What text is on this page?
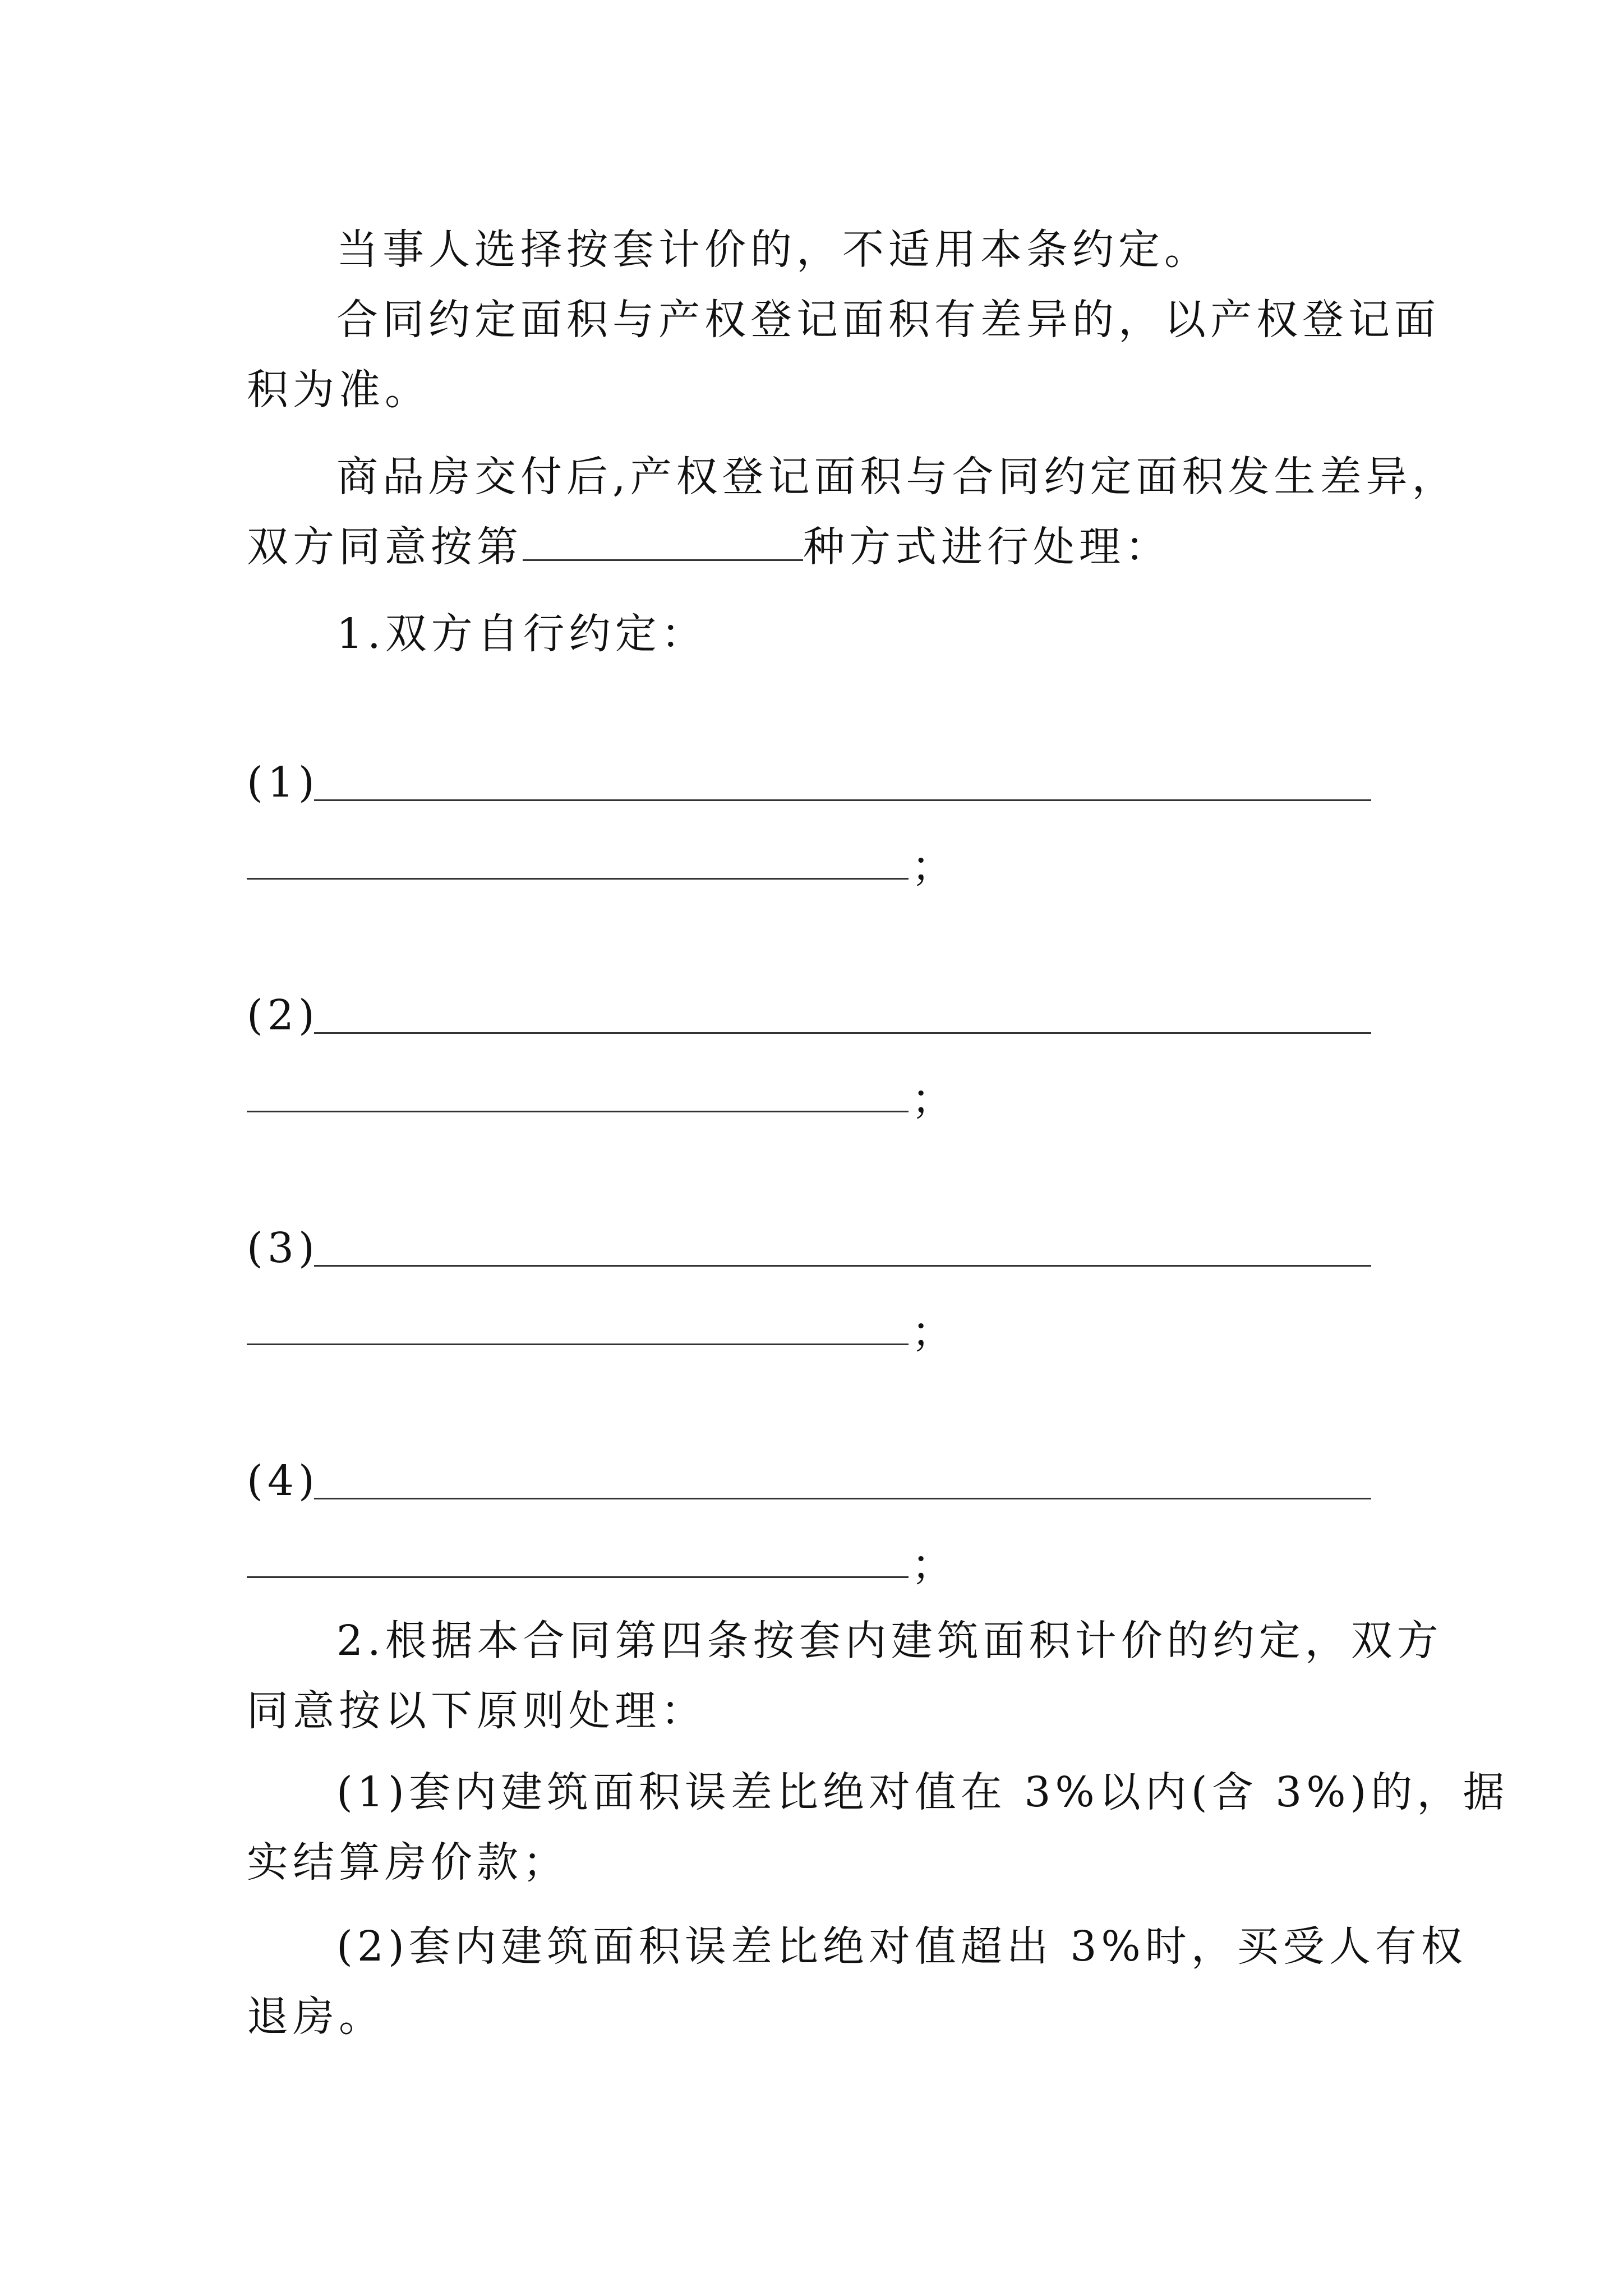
当事人选择按套计价的，不适用本条约定。
合同约定面积与产权登记面积有差异的，以产权登记面
积为准。
商品房交付后,产权登记面积与合同约定面积发生差异，
双方同意按第	种方式进行处理：
1.双方自行约定：
(1)
；
(2)
；
(3)
；
(4)
；
2.根据本合同第四条按套内建筑面积计价的约定，双方
同意按以下原则处理：
(1)套内建筑面积误差比绝对值在 3%以内(含 3%)的，据
实结算房价款；
(2)套内建筑面积误差比绝对值超出 3%时，买受人有权
退房。
